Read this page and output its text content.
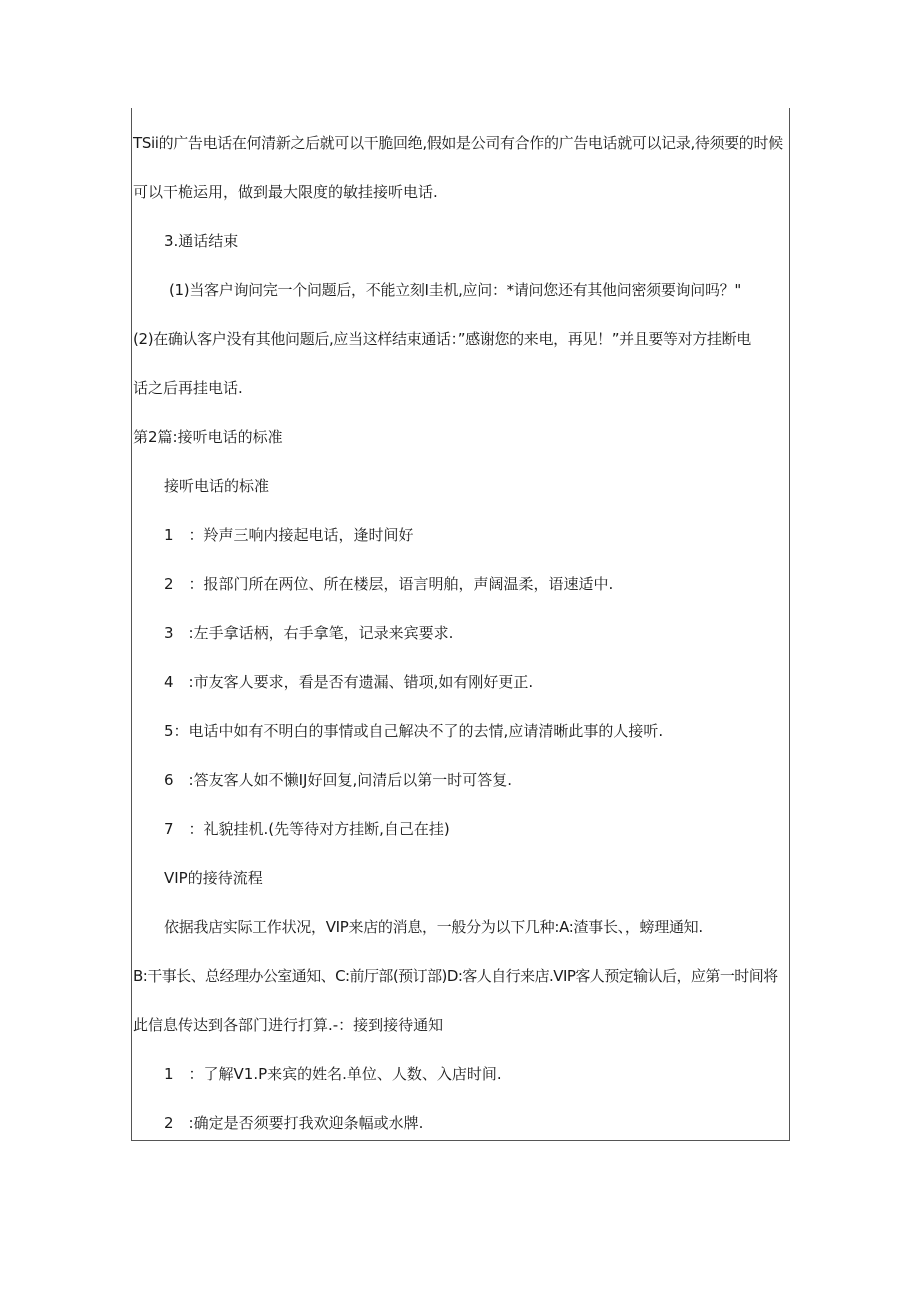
TSii的广告电话在何清新之后就可以干脆回绝,假如是公司有合作的广告电话就可以记录,待须要的时候
可以干桅运用，做到最大限度的敏挂接听电话.
3.通话结束
(1)当客户询问完一个问题后，不能立刻I圭机,应问：*请问您还有其他问密须要询问吗？"
(2)在确认客户没有其他问题后,应当这样结束通话：”感谢您的来电，再见！”并且要等对方挂断电
话之后再挂电话.
第2篇:接听电话的标准
接听电话的标准
1　：羚声三响内接起电话，逢时间好
2　：报部门所在两位、所在楼层，语言明舶，声阔温柔，语速适中.
3　:左手拿话柄，右手拿笔，记录来宾要求.
4　:市友客人要求，看是否有遗漏、错项,如有刚好更正.
5：电话中如有不明白的事情或自己解决不了的去情,应请清晰此事的人接听.
6　:答友客人如不懒IJ好回复,问清后以第一时可答复.
7　：礼貌挂机.(先等待对方挂断,自己在挂)
VIP的接待流程
依据我店实际工作状况，VIP来店的消息，一般分为以下几种:A:渣事长、，螃理通知.
B:干事长、总经理办公室通知、C:前厅部(预订部)D:客人自行来店.VIP客人预定输认后，应第一时间将
此信息传达到各部门进行打算.-：接到接待通知
1　：了解V1.P来宾的姓名.单位、人数、入店时间.
2　:确定是否须要打我欢迎条幅或水牌.
